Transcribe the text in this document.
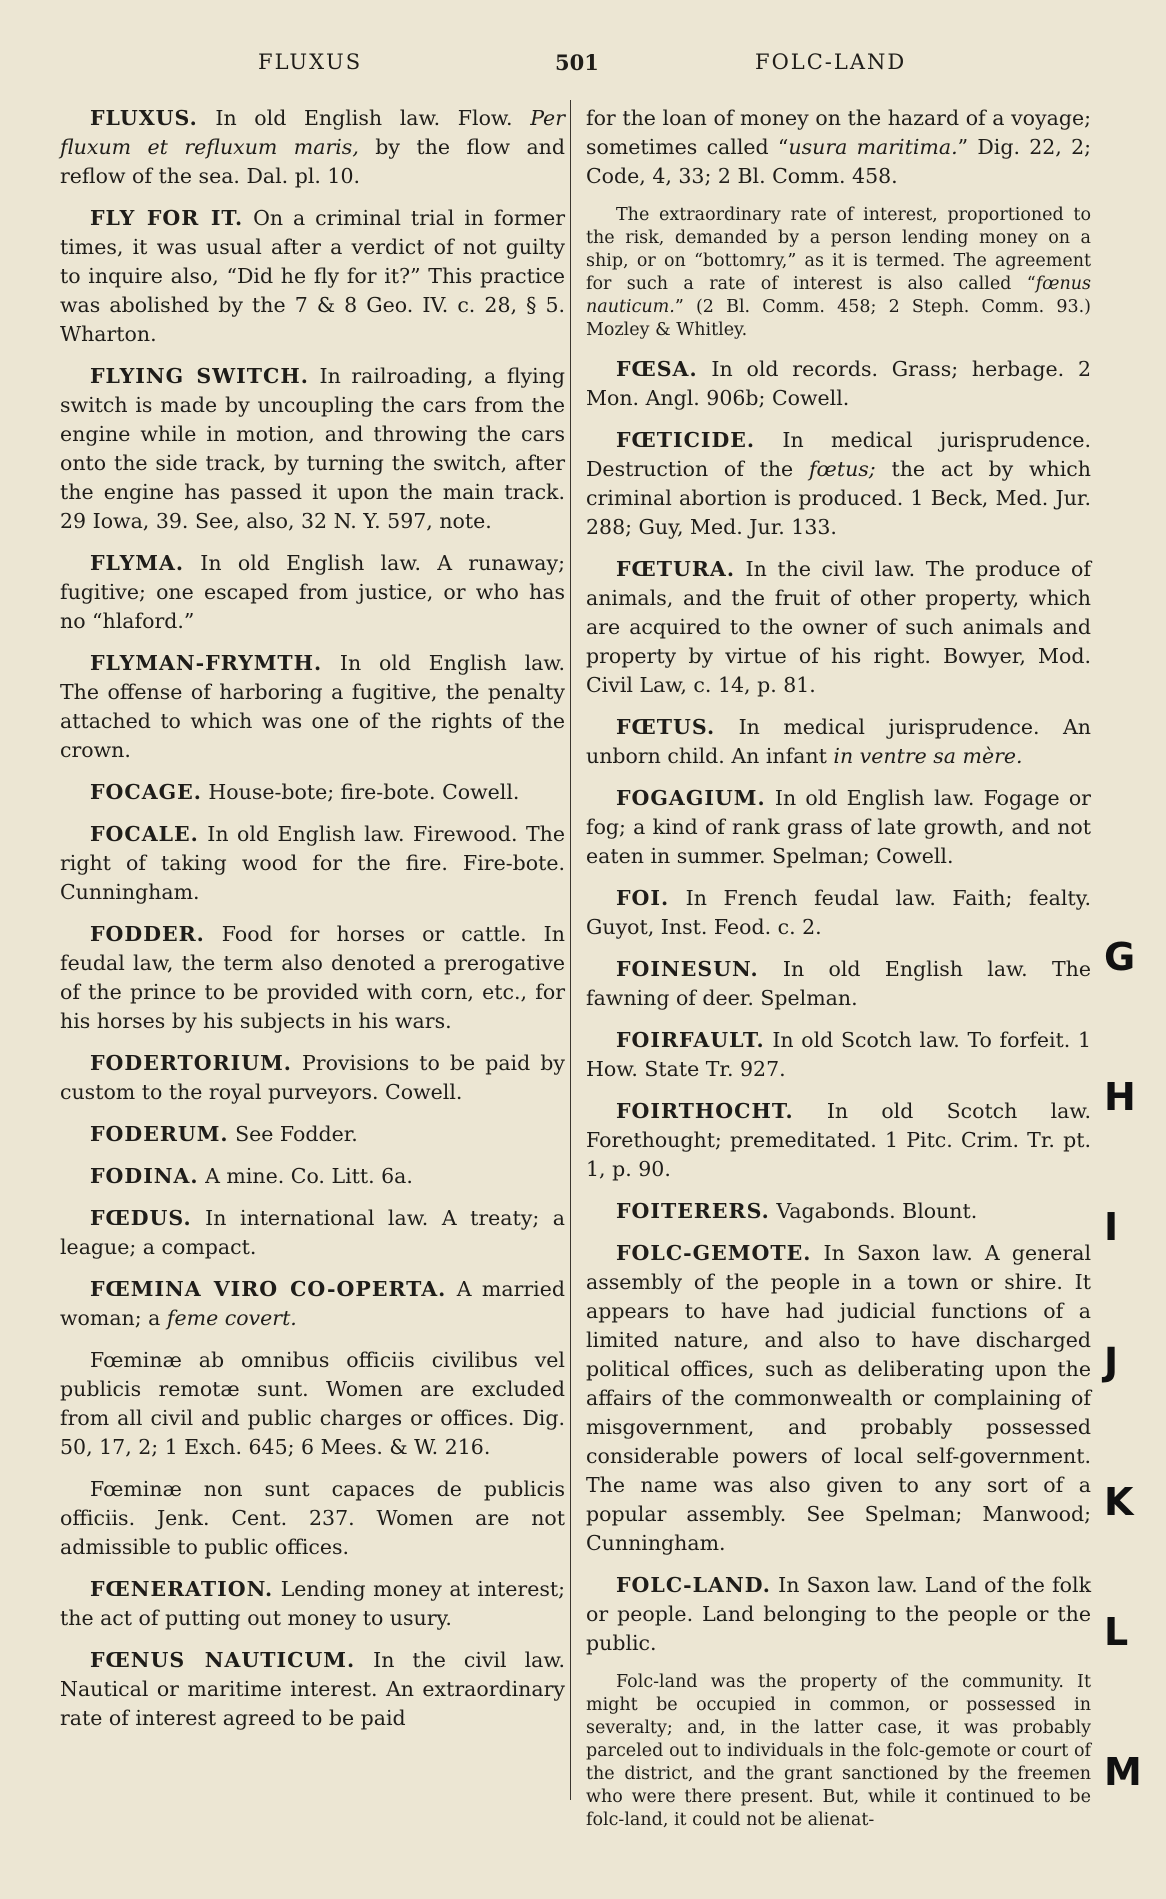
FLUXUS	501	FOLC-LAND

FLUXUS. In old English law. Flow. Per fluxum et refluxum maris, by the flow and reflow of the sea. Dal. pl. 10.

FLY FOR IT. On a criminal trial in former times, it was usual after a verdict of not guilty to inquire also, “Did he fly for it?” This practice was abolished by the 7 & 8 Geo. IV. c. 28, § 5. Wharton.

FLYING SWITCH. In railroading, a flying switch is made by uncoupling the cars from the engine while in motion, and throwing the cars onto the side track, by turning the switch, after the engine has passed it upon the main track. 29 Iowa, 39. See, also, 32 N. Y. 597, note.

FLYMA. In old English law. A runaway; fugitive; one escaped from justice, or who has no “hlaford.”

FLYMAN-FRYMTH. In old English law. The offense of harboring a fugitive, the penalty attached to which was one of the rights of the crown.

FOCAGE. House-bote; fire-bote. Cowell.

FOCALE. In old English law. Firewood. The right of taking wood for the fire. Fire-bote. Cunningham.

FODDER. Food for horses or cattle. In feudal law, the term also denoted a prerogative of the prince to be provided with corn, etc., for his horses by his subjects in his wars.

FODERTORIUM. Provisions to be paid by custom to the royal purveyors. Cowell.

FODERUM. See Fodder.

FODINA. A mine. Co. Litt. 6a.

FŒDUS. In international law. A treaty; a league; a compact.

FŒMINA VIRO CO-OPERTA. A married woman; a feme covert.

Fœminæ ab omnibus officiis civilibus vel publicis remotæ sunt. Women are excluded from all civil and public charges or offices. Dig. 50, 17, 2; 1 Exch. 645; 6 Mees. & W. 216.

Fœminæ non sunt capaces de publicis officiis. Jenk. Cent. 237. Women are not admissible to public offices.

FŒNERATION. Lending money at interest; the act of putting out money to usury.

FŒNUS NAUTICUM. In the civil law. Nautical or maritime interest. An extraordinary rate of interest agreed to be paid

for the loan of money on the hazard of a voyage; sometimes called “usura maritima.” Dig. 22, 2; Code, 4, 33; 2 Bl. Comm. 458.

The extraordinary rate of interest, proportioned to the risk, demanded by a person lending money on a ship, or on “bottomry,” as it is termed. The agreement for such a rate of interest is also called “fœnus nauticum.” (2 Bl. Comm. 458; 2 Steph. Comm. 93.) Mozley & Whitley.

FŒSA. In old records. Grass; herbage. 2 Mon. Angl. 906b; Cowell.

FŒTICIDE. In medical jurisprudence. Destruction of the fœtus; the act by which criminal abortion is produced. 1 Beck, Med. Jur. 288; Guy, Med. Jur. 133.

FŒTURA. In the civil law. The produce of animals, and the fruit of other property, which are acquired to the owner of such animals and property by virtue of his right. Bowyer, Mod. Civil Law, c. 14, p. 81.

FŒTUS. In medical jurisprudence. An unborn child. An infant in ventre sa mère.

FOGAGIUM. In old English law. Fogage or fog; a kind of rank grass of late growth, and not eaten in summer. Spelman; Cowell.

FOI. In French feudal law. Faith; fealty. Guyot, Inst. Feod. c. 2.

FOINESUN. In old English law. The fawning of deer. Spelman.

FOIRFAULT. In old Scotch law. To forfeit. 1 How. State Tr. 927.

FOIRTHOCHT. In old Scotch law. Forethought; premeditated. 1 Pitc. Crim. Tr. pt. 1, p. 90.

FOITERERS. Vagabonds. Blount.

FOLC-GEMOTE. In Saxon law. A general assembly of the people in a town or shire. It appears to have had judicial functions of a limited nature, and also to have discharged political offices, such as deliberating upon the affairs of the commonwealth or complaining of misgovernment, and probably possessed considerable powers of local self-government. The name was also given to any sort of a popular assembly. See Spelman; Manwood; Cunningham.

FOLC-LAND. In Saxon law. Land of the folk or people. Land belonging to the people or the public.

Folc-land was the property of the community. It might be occupied in common, or possessed in severalty; and, in the latter case, it was probably parceled out to individuals in the folc-gemote or court of the district, and the grant sanctioned by the freemen who were there present. But, while it continued to be folc-land, it could not be alienat-

G
H
I
J
K
L
M
